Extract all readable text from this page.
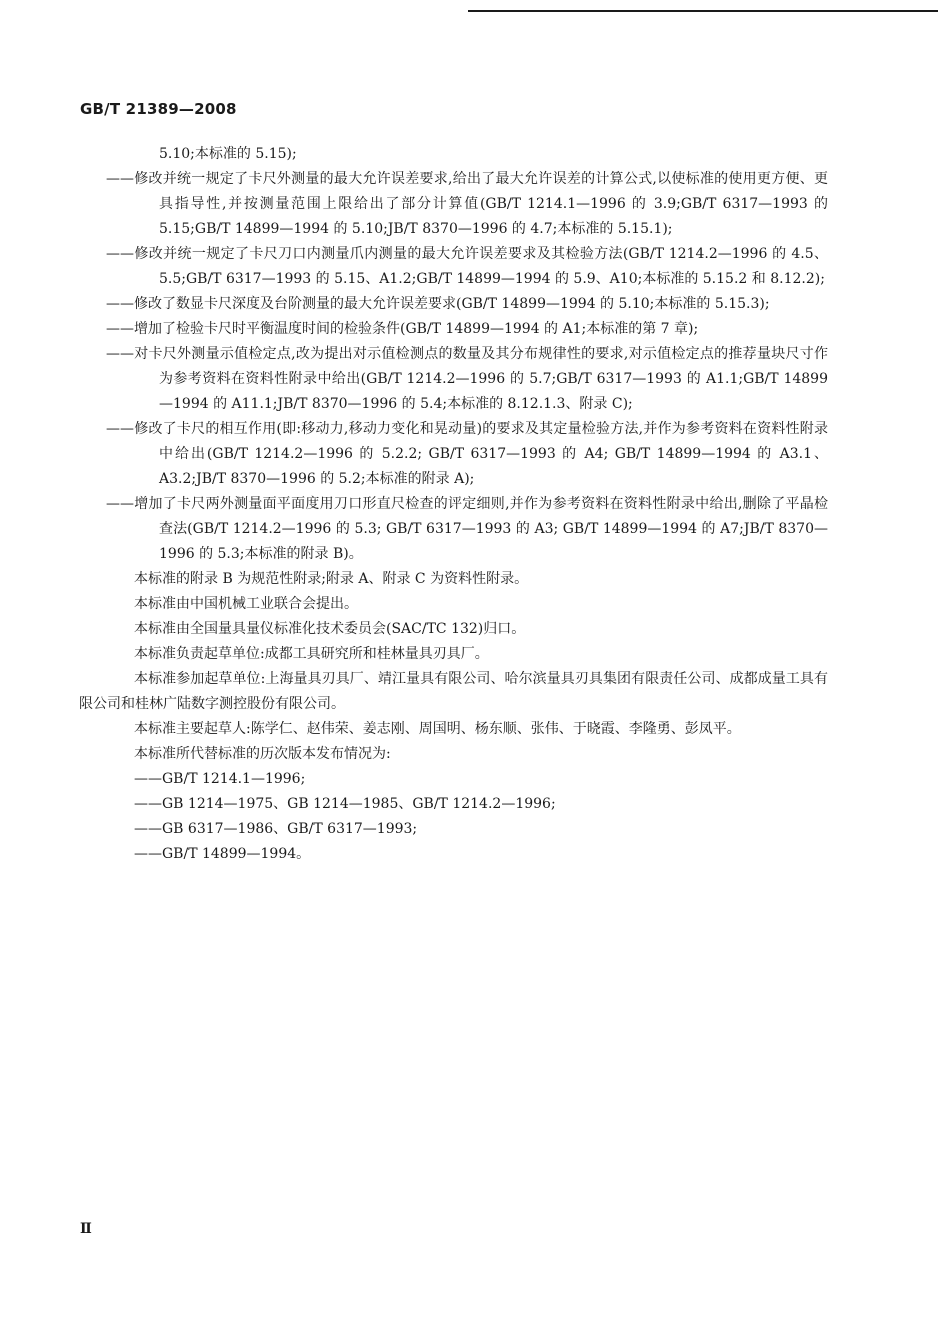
GB/T 21389—2008
5.10;本标准的 5.15);
——修改并统一规定了卡尺外测量的最大允许误差要求,给出了最大允许误差的计算公式,以使标准的使用更方便、更具指导性,并按测量范围上限给出了部分计算值(GB/T 1214.1—1996 的 3.9;GB/T 6317—1993 的 5.15;GB/T 14899—1994 的 5.10;JB/T 8370—1996 的 4.7;本标准的 5.15.1);
——修改并统一规定了卡尺刀口内测量爪内测量的最大允许误差要求及其检验方法(GB/T 1214.2—1996 的 4.5、5.5;GB/T 6317—1993 的 5.15、A1.2;GB/T 14899—1994 的 5.9、A10;本标准的 5.15.2 和 8.12.2);
——修改了数显卡尺深度及台阶测量的最大允许误差要求(GB/T 14899—1994 的 5.10;本标准的 5.15.3);
——增加了检验卡尺时平衡温度时间的检验条件(GB/T 14899—1994 的 A1;本标准的第 7 章);
——对卡尺外测量示值检定点,改为提出对示值检测点的数量及其分布规律性的要求,对示值检定点的推荐量块尺寸作为参考资料在资料性附录中给出(GB/T 1214.2—1996 的 5.7;GB/T 6317—1993 的 A1.1;GB/T 14899—1994 的 A11.1;JB/T 8370—1996 的 5.4;本标准的 8.12.1.3、附录 C);
——修改了卡尺的相互作用(即:移动力,移动力变化和晃动量)的要求及其定量检验方法,并作为参考资料在资料性附录中给出(GB/T 1214.2—1996 的 5.2.2; GB/T 6317—1993 的 A4; GB/T 14899—1994 的 A3.1、A3.2;JB/T 8370—1996 的 5.2;本标准的附录 A);
——增加了卡尺两外测量面平面度用刀口形直尺检查的评定细则,并作为参考资料在资料性附录中给出,删除了平晶检查法(GB/T 1214.2—1996 的 5.3; GB/T 6317—1993 的 A3; GB/T 14899—1994 的 A7;JB/T 8370—1996 的 5.3;本标准的附录 B)。
本标准的附录 B 为规范性附录;附录 A、附录 C 为资料性附录。
本标准由中国机械工业联合会提出。
本标准由全国量具量仪标准化技术委员会(SAC/TC 132)归口。
本标准负责起草单位:成都工具研究所和桂林量具刃具厂。
本标准参加起草单位:上海量具刃具厂、靖江量具有限公司、哈尔滨量具刃具集团有限责任公司、成都成量工具有限公司和桂林广陆数字测控股份有限公司。
本标准主要起草人:陈学仁、赵伟荣、姜志刚、周国明、杨东顺、张伟、于晓霞、李隆勇、彭凤平。
本标准所代替标准的历次版本发布情况为:
——GB/T 1214.1—1996;
——GB 1214—1975、GB 1214—1985、GB/T 1214.2—1996;
——GB 6317—1986、GB/T 6317—1993;
——GB/T 14899—1994。
Ⅱ
